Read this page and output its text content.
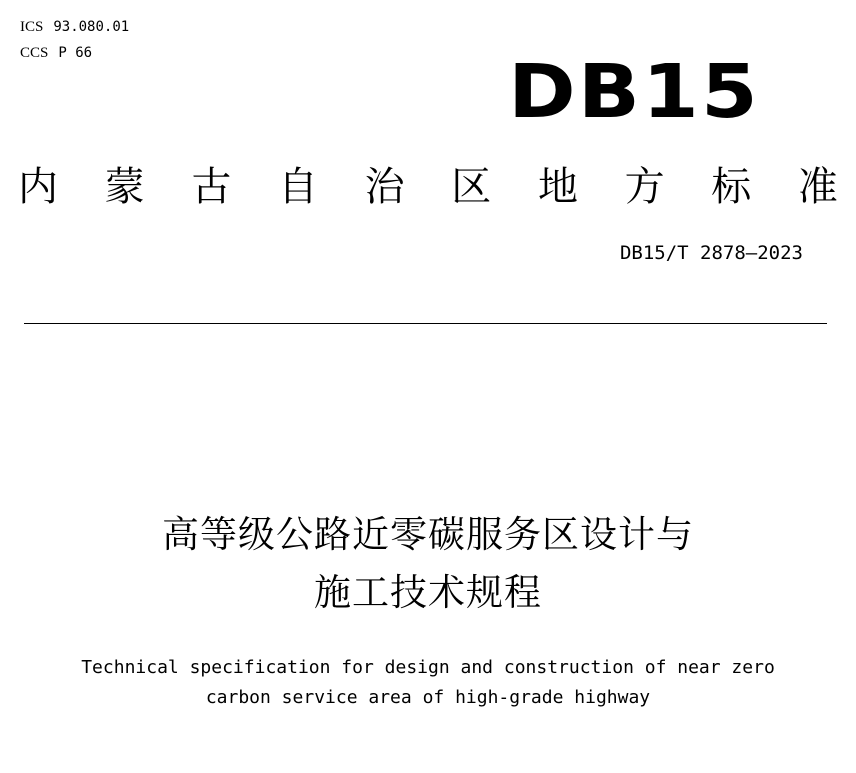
ICS 93.080.01
CCS P 66	DB15
内 蒙 古 自 治 区 地 方 标 准
DB15/T 2878—2023
高等级公路近零碳服务区设计与
施工技术规程
Technical specification for design and construction of near zero
carbon service area of high-grade highway
